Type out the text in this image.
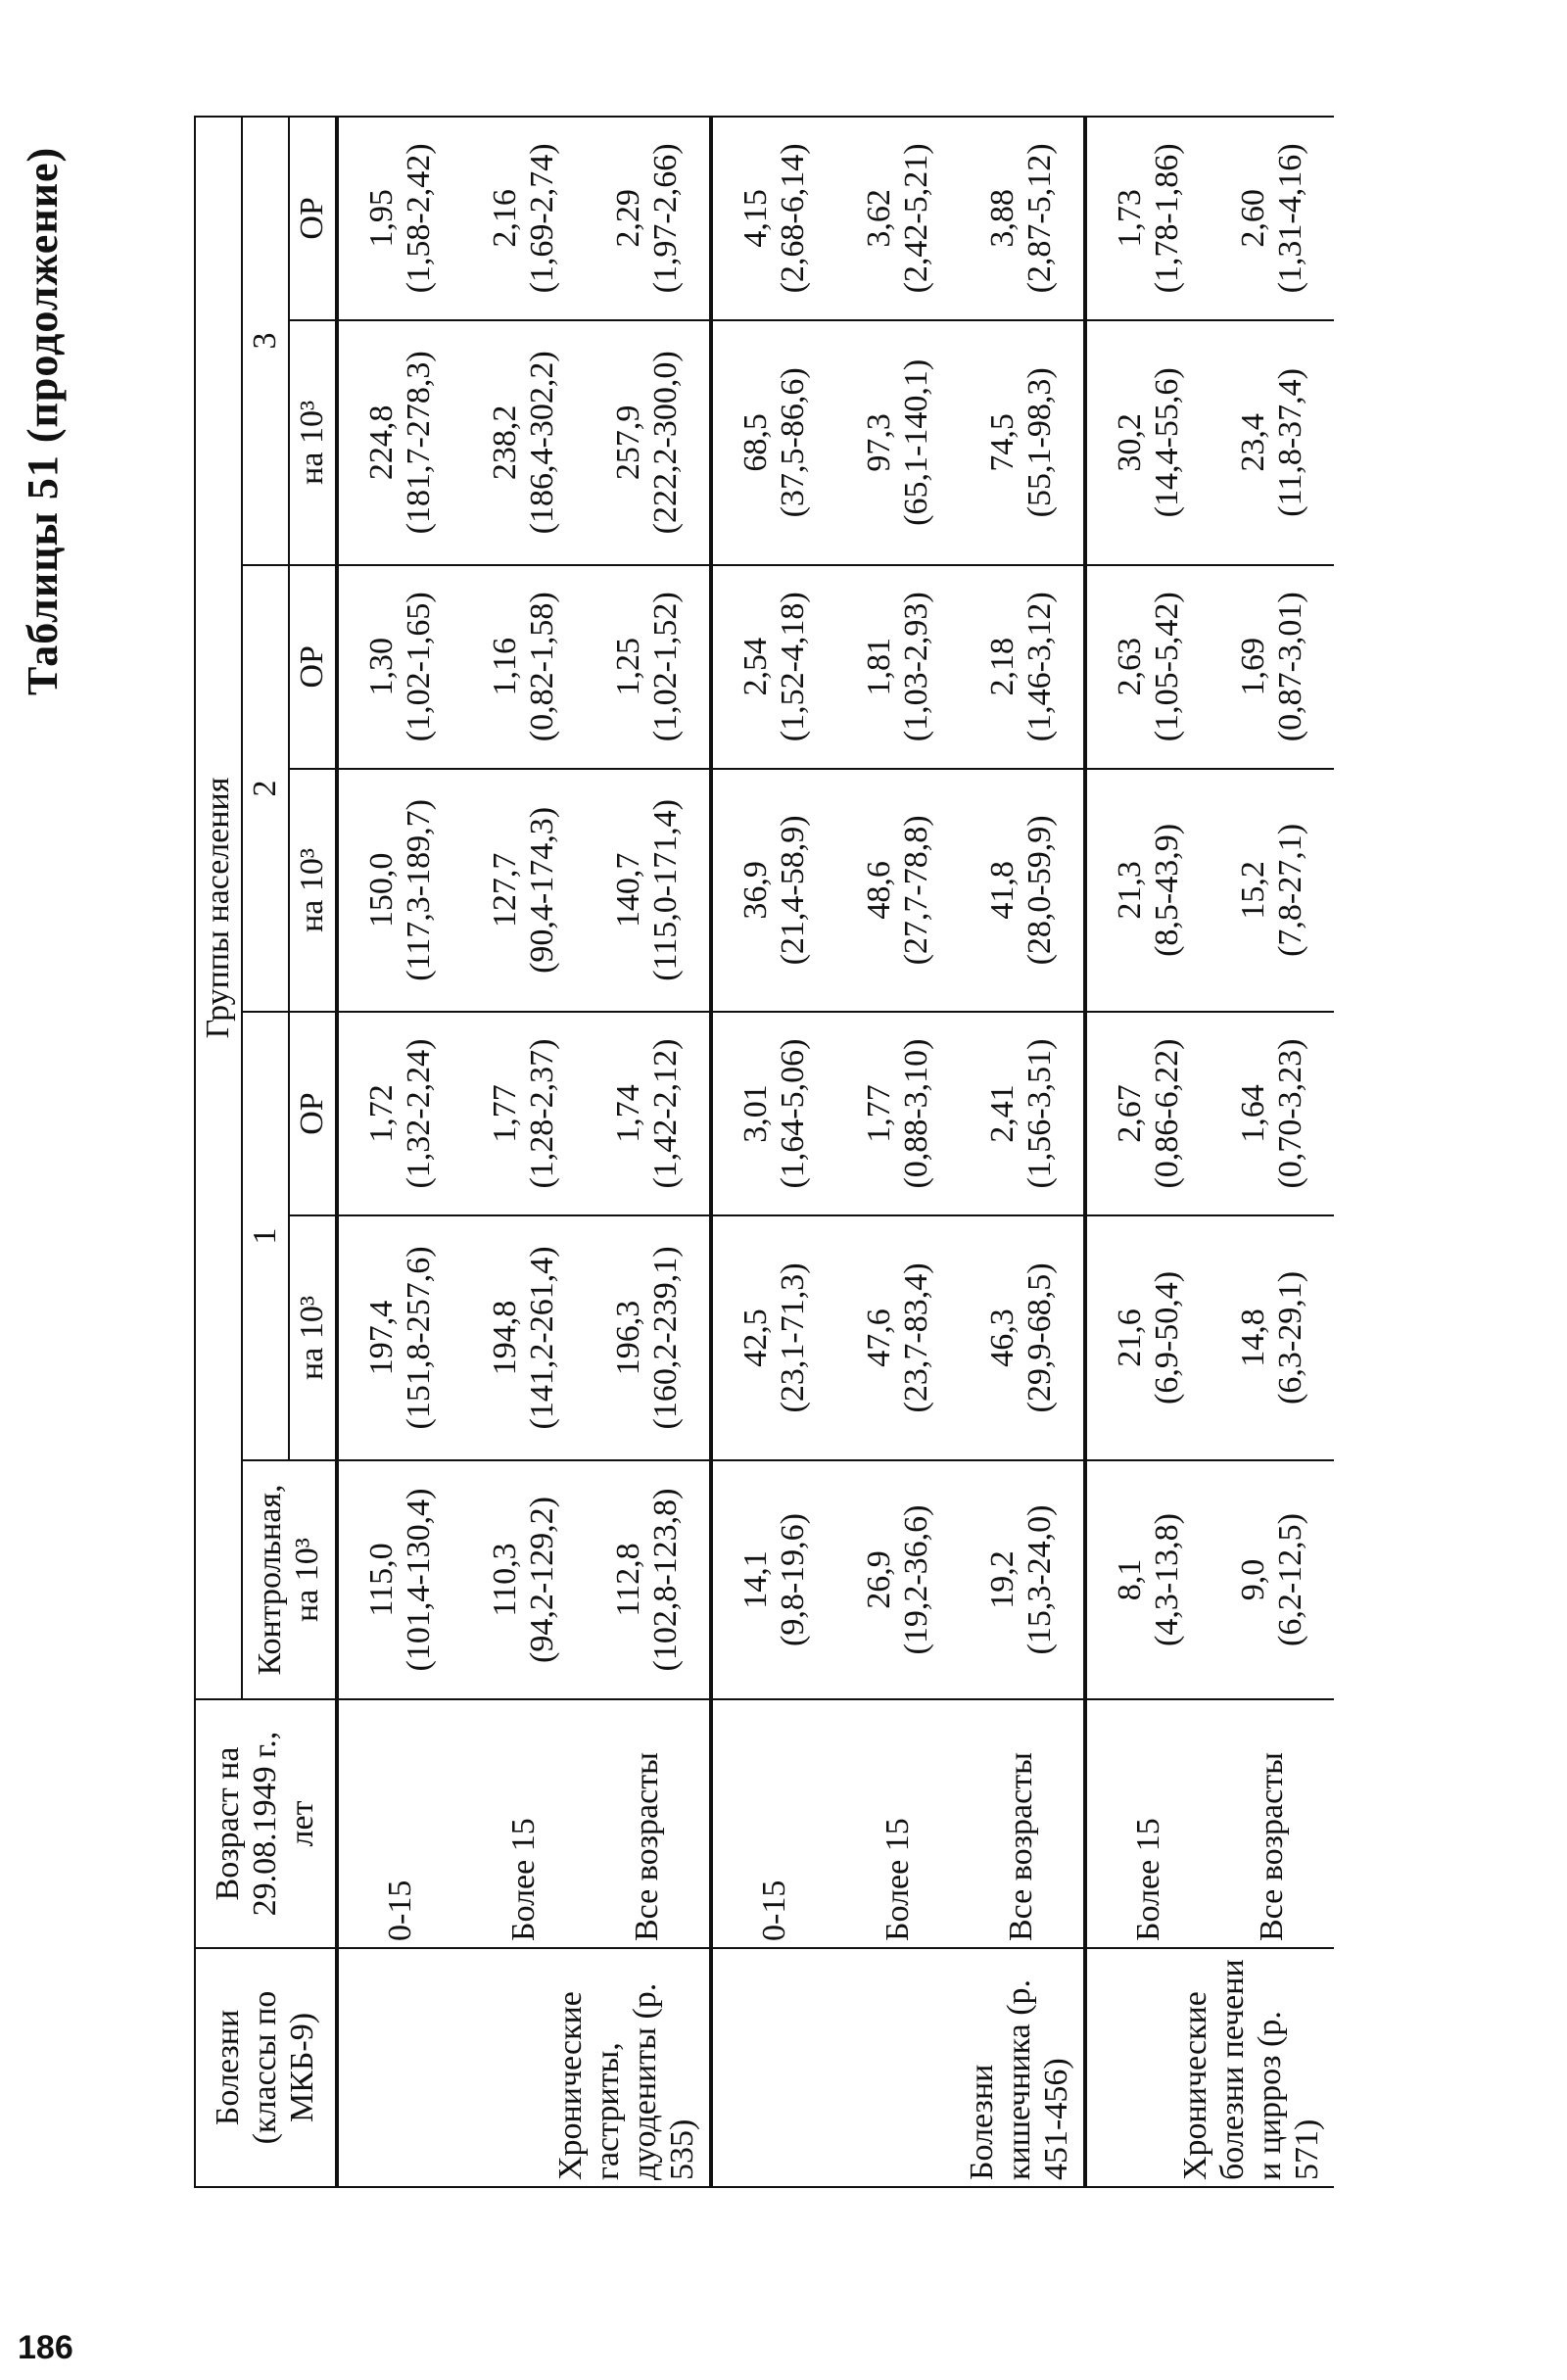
186
Таблицы 51 (продолжение)
Болезни (классы по МКБ-9)	Возраст на 29.08.1949 г., лет	Группы населения						
		Контрольная, на 10³	1		2		3	
			на 10³	ОР	на 10³	ОР	на 10³	ОР
Хронические гастриты, дуодениты (р. 535)	0-15	115,0 (101,4-130,4)	197,4 (151,8-257,6)	1,72 (1,32-2,24)	150,0 (117,3-189,7)	1,30 (1,02-1,65)	224,8 (181,7-278,3)	1,95 (1,58-2,42)

	Более 15	110,3 (94,2-129,2)	194,8 (141,2-261,4)	1,77 (1,28-2,37)	127,7 (90,4-174,3)	1,16 (0,82-1,58)	238,2 (186,4-302,2)	2,16 (1,69-2,74)

	Все возрасты	112,8 (102,8-123,8)	196,3 (160,2-239,1)	1,74 (1,42-2,12)	140,7 (115,0-171,4)	1,25 (1,02-1,52)	257,9 (222,2-300,0)	2,29 (1,97-2,66)

Болезни кишечника (р. 451-456)	0-15	14,1 (9,8-19,6)	42,5 (23,1-71,3)	3,01 (1,64-5,06)	36,9 (21,4-58,9)	2,54 (1,52-4,18)	68,5 (37,5-86,6)	4,15 (2,68-6,14)

	Более 15	26,9 (19,2-36,6)	47,6 (23,7-83,4)	1,77 (0,88-3,10)	48,6 (27,7-78,8)	1,81 (1,03-2,93)	97,3 (65,1-140,1)	3,62 (2,42-5,21)

	Все возрасты	19,2 (15,3-24,0)	46,3 (29,9-68,5)	2,41 (1,56-3,51)	41,8 (28,0-59,9)	2,18 (1,46-3,12)	74,5 (55,1-98,3)	3,88 (2,87-5,12)

Хронические болезни печени и цирроз (р. 571)	Более 15	8,1 (4,3-13,8)	21,6 (6,9-50,4)	2,67 (0,86-6,22)	21,3 (8,5-43,9)	2,63 (1,05-5,42)	30,2 (14,4-55,6)	1,73 (1,78-1,86)

	Все возрасты	9,0 (6,2-12,5)	14,8 (6,3-29,1)	1,64 (0,70-3,23)	15,2 (7,8-27,1)	1,69 (0,87-3,01)	23,4 (11,8-37,4)	2,60 (1,31-4,16)
